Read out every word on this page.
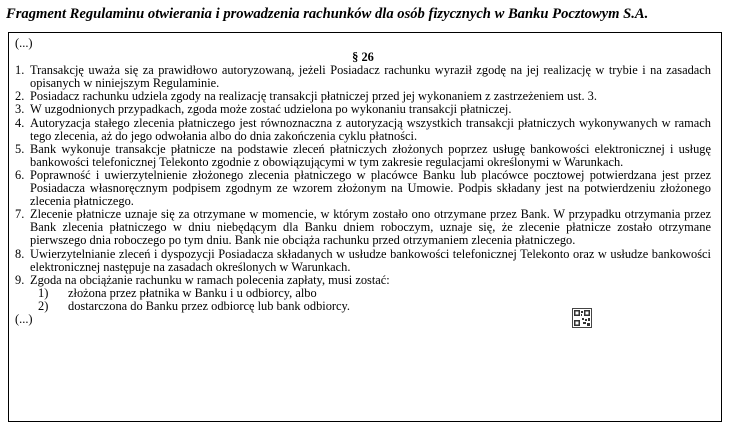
Fragment Regulaminu otwierania i prowadzenia rachunków dla osób fizycznych w Banku Pocztowym S.A.

(...)

§ 26

1. Transakcję uważa się za prawidłowo autoryzowaną, jeżeli Posiadacz rachunku wyraził zgodę na jej realizację w trybie i na zasadach opisanych w niniejszym Regulaminie.
2. Posiadacz rachunku udziela zgody na realizację transakcji płatniczej przed jej wykonaniem z zastrzeżeniem ust. 3.
3. W uzgodnionych przypadkach, zgoda może zostać udzielona po wykonaniu transakcji płatniczej.
4. Autoryzacja stałego zlecenia płatniczego jest równoznaczna z autoryzacją wszystkich transakcji płatniczych wykonywanych w ramach tego zlecenia, aż do jego odwołania albo do dnia zakończenia cyklu płatności.
5. Bank wykonuje transakcje płatnicze na podstawie zleceń płatniczych złożonych poprzez usługę bankowości elektronicznej i usługę bankowości telefonicznej Telekonto zgodnie z obowiązującymi w tym zakresie regulacjami określonymi w Warunkach.
6. Poprawność i uwierzytelnienie złożonego zlecenia płatniczego w placówce Banku lub placówce pocztowej potwierdzana jest przez Posiadacza własnoręcznym podpisem zgodnym ze wzorem złożonym na Umowie. Podpis składany jest na potwierdzeniu złożonego zlecenia płatniczego.
7. Zlecenie płatnicze uznaje się za otrzymane w momencie, w którym zostało ono otrzymane przez Bank. W przypadku otrzymania przez Bank zlecenia płatniczego w dniu niebędącym dla Banku dniem roboczym, uznaje się, że zlecenie płatnicze zostało otrzymane pierwszego dnia roboczego po tym dniu. Bank nie obciąża rachunku przed otrzymaniem zlecenia płatniczego.
8. Uwierzytelnianie zleceń i dyspozycji Posiadacza składanych w usłudze bankowości telefonicznej Telekonto oraz w usłudze bankowości elektronicznej następuje na zasadach określonych w Warunkach.
9. Zgoda na obciążanie rachunku w ramach polecenia zapłaty, musi zostać:
1) złożona przez płatnika w Banku i u odbiorcy, albo
2) dostarczona do Banku przez odbiorcę lub bank odbiorcy.

(...)
